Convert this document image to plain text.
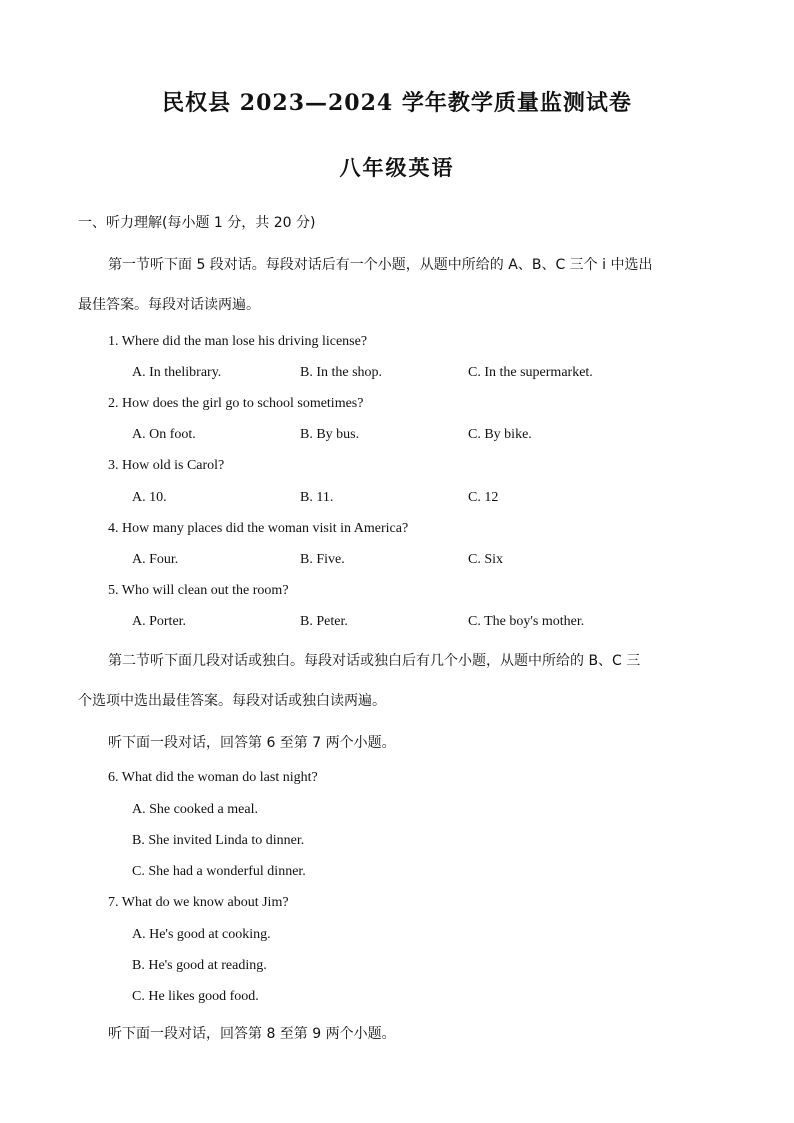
民权县 2023—2024 学年教学质量监测试卷
八年级英语
一、听力理解(每小题 1 分，共 20 分)
第一节听下面 5 段对话。每段对话后有一个小题，从题中所给的 A、B、C 三个 i 中选出
最佳答案。每段对话读两遍。
1. Where did the man lose his driving license?
A. In thelibrary.	B. In the shop.	C. In the supermarket.
2. How does the girl go to school sometimes?
A. On foot.	B. By bus.	C. By bike.
3. How old is Carol?
A. 10.	B. 11.	C. 12
4. How many places did the woman visit in America?
A. Four.	B. Five.	C. Six
5. Who will clean out the room?
A. Porter.	B. Peter.	C. The boy's mother.
第二节听下面几段对话或独白。每段对话或独白后有几个小题，从题中所给的 B、C 三
个选项中选出最佳答案。每段对话或独白读两遍。
听下面一段对话，回答第 6 至第 7 两个小题。
6. What did the woman do last night?
A. She cooked a meal.
B. She invited Linda to dinner.
C. She had a wonderful dinner.
7. What do we know about Jim?
A. He's good at cooking.
B. He's good at reading.
C. He likes good food.
听下面一段对话，回答第 8 至第 9 两个小题。
